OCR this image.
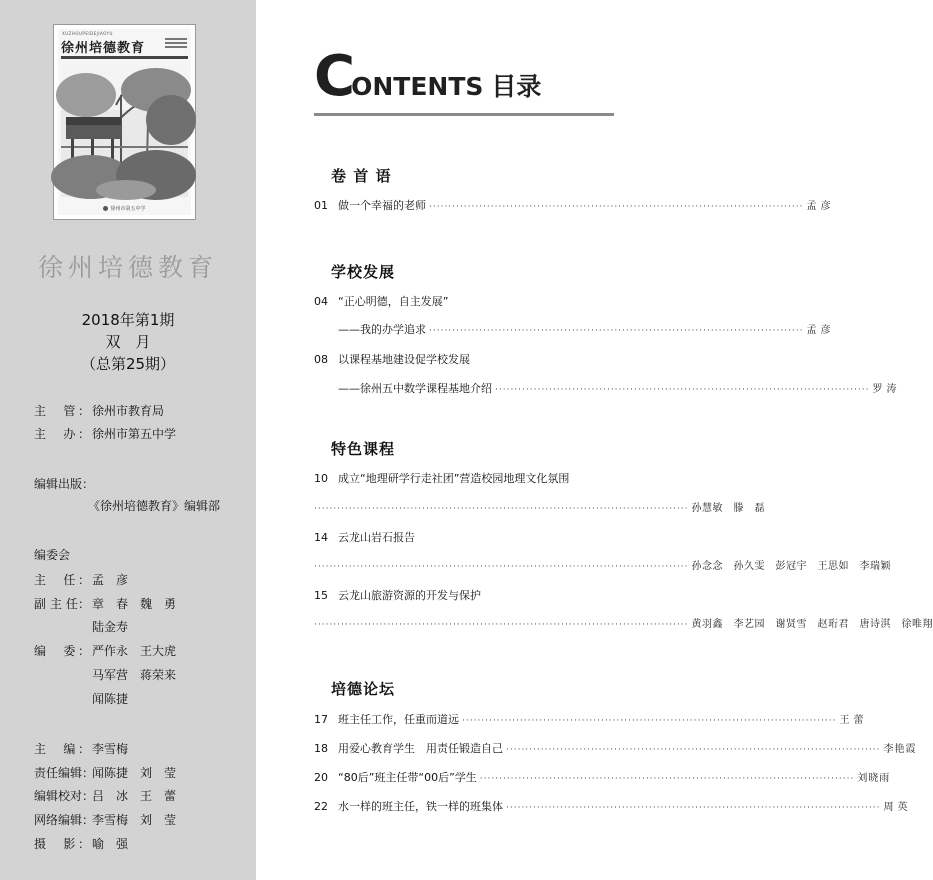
XUZHOUPEIDEJIAOYU
徐州培德教育
徐州市第五中学
徐州培德教育
2018年第1期
双　月
（总第25期）
主　管： 徐州市教育局
主　办： 徐州市第五中学
编辑出版：
《徐州培德教育》编辑部
编委会
主　任： 孟　彦
副 主 任： 章　春　魏　勇
陆金寿
编　委： 严作永　王大虎
马军营　蒋荣来
闻陈捷
主　编： 李雪梅
责任编辑：闻陈捷　刘　莹
编辑校对：吕　冰　王　蕾
网络编辑：李雪梅　刘　莹
摄　影： 喻　强
CONTENTS 目录
卷 首 语
01 做一个幸福的老师 ································································································· 孟彦
学校发展
04 “正心明德，自主发展”
——我的办学追求 ································································································· 孟彦
08 以课程基地建设促学校发展
——徐州五中数学课程基地介绍 ································································································· 罗涛
特色课程
10 成立“地理研学行走社团”营造校园地理文化氛围
································································································· 孙慧敏　滕　磊
14 云龙山岩石报告
································································································· 孙念念　孙久雯　彭冠宇　王思如　李瑞颖
15 云龙山旅游资源的开发与保护
································································································· 黄羽鑫　李艺园　谢贤雪　赵珩君　唐诗淇　徐唯翔
培德论坛
17 班主任工作，任重而道远 ································································································· 王蕾
18 用爱心教育学生　用责任锻造自己 ································································································· 李艳霞
20 “80后”班主任带“00后”学生 ································································································· 刘晓雨
22 水一样的班主任，铁一样的班集体 ································································································· 周英
